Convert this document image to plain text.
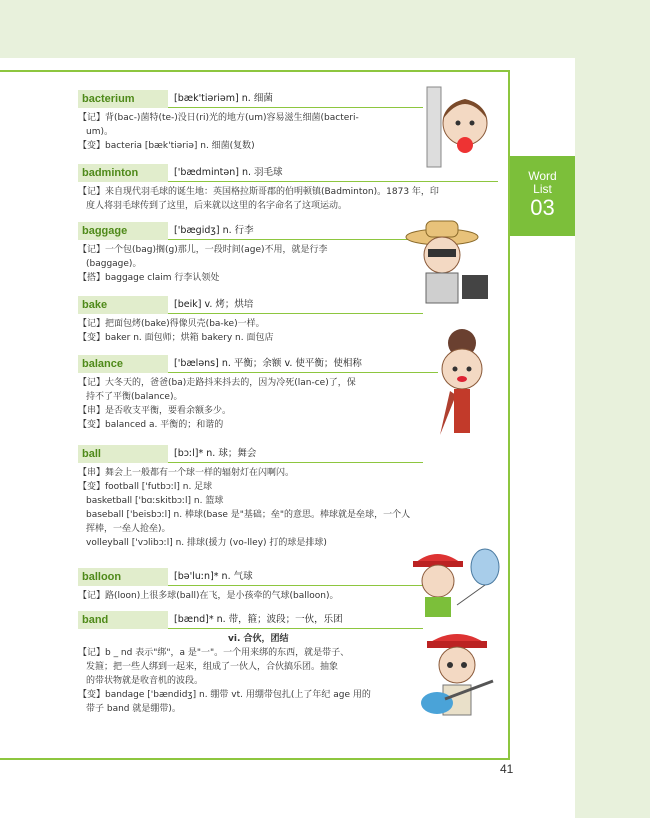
Word
List
03
bacterium	[bæk'tiəriəm] n. 细菌
【记】背(bac-)菌特(te-)没日(ri)光的地方(um)容易滋生细菌(bacteri-
um)。
【变】bacteria [bæk'tiəriə] n. 细菌(复数)
badminton	['bædmintən] n. 羽毛球
【记】来自现代羽毛球的诞生地：英国格拉斯哥郡的伯明顿镇(Badminton)。1873 年，印
度人将羽毛球传到了这里，后来就以这里的名字命名了这项运动。
baggage	['bægidʒ] n. 行李
【记】一个包(bag)搁(g)那儿，一段时间(age)不用，就是行李
(baggage)。
【搭】baggage claim 行李认领处
bake	[beik] v. 烤；烘培
【记】把面包烤(bake)得像贝壳(ba-ke)一样。
【变】baker n. 面包师；烘箱 bakery n. 面包店
balance	['bæləns] n. 平衡；余额 v. 使平衡；使相称
【记】大冬天的，爸爸(ba)走路抖来抖去的，因为冷死(lan-ce)了，保
持不了平衡(balance)。
【串】是否收支平衡，要看余额多少。
【变】balanced a. 平衡的；和谐的
ball	[bɔːl]* n. 球；舞会
【串】舞会上一般都有一个球一样的辐射灯在闪啊闪。
【变】football ['futbɔːl] n. 足球
basketball ['bɑːskitbɔːl] n. 篮球
baseball ['beisbɔːl] n. 棒球(base 是"基础；垒"的意思。棒球就是垒球，一个人
挥棒，一垒人抢垒)。
volleyball ['vɔlibɔːl] n. 排球(援力 (vo-lley) 打的球是排球)
balloon	[bə'luːn]* n. 气球
【记】路(loon)上很多球(ball)在飞，是小孩牵的气球(balloon)。
band	[bænd]* n. 带，箍；波段；一伙，乐团
vi. 合伙，团结
【记】b _ nd 表示"绑"，a 是"一"。一个用来绑的东西，就是带子、
发箍；把一些人绑到一起来，组成了一伙人，合伙搞乐团。抽象
的带状物就是收音机的波段。
【变】bandage ['bændidʒ] n. 绷带 vt. 用绷带包扎(上了年纪 age 用的
带子 band 就是绷带)。
41
